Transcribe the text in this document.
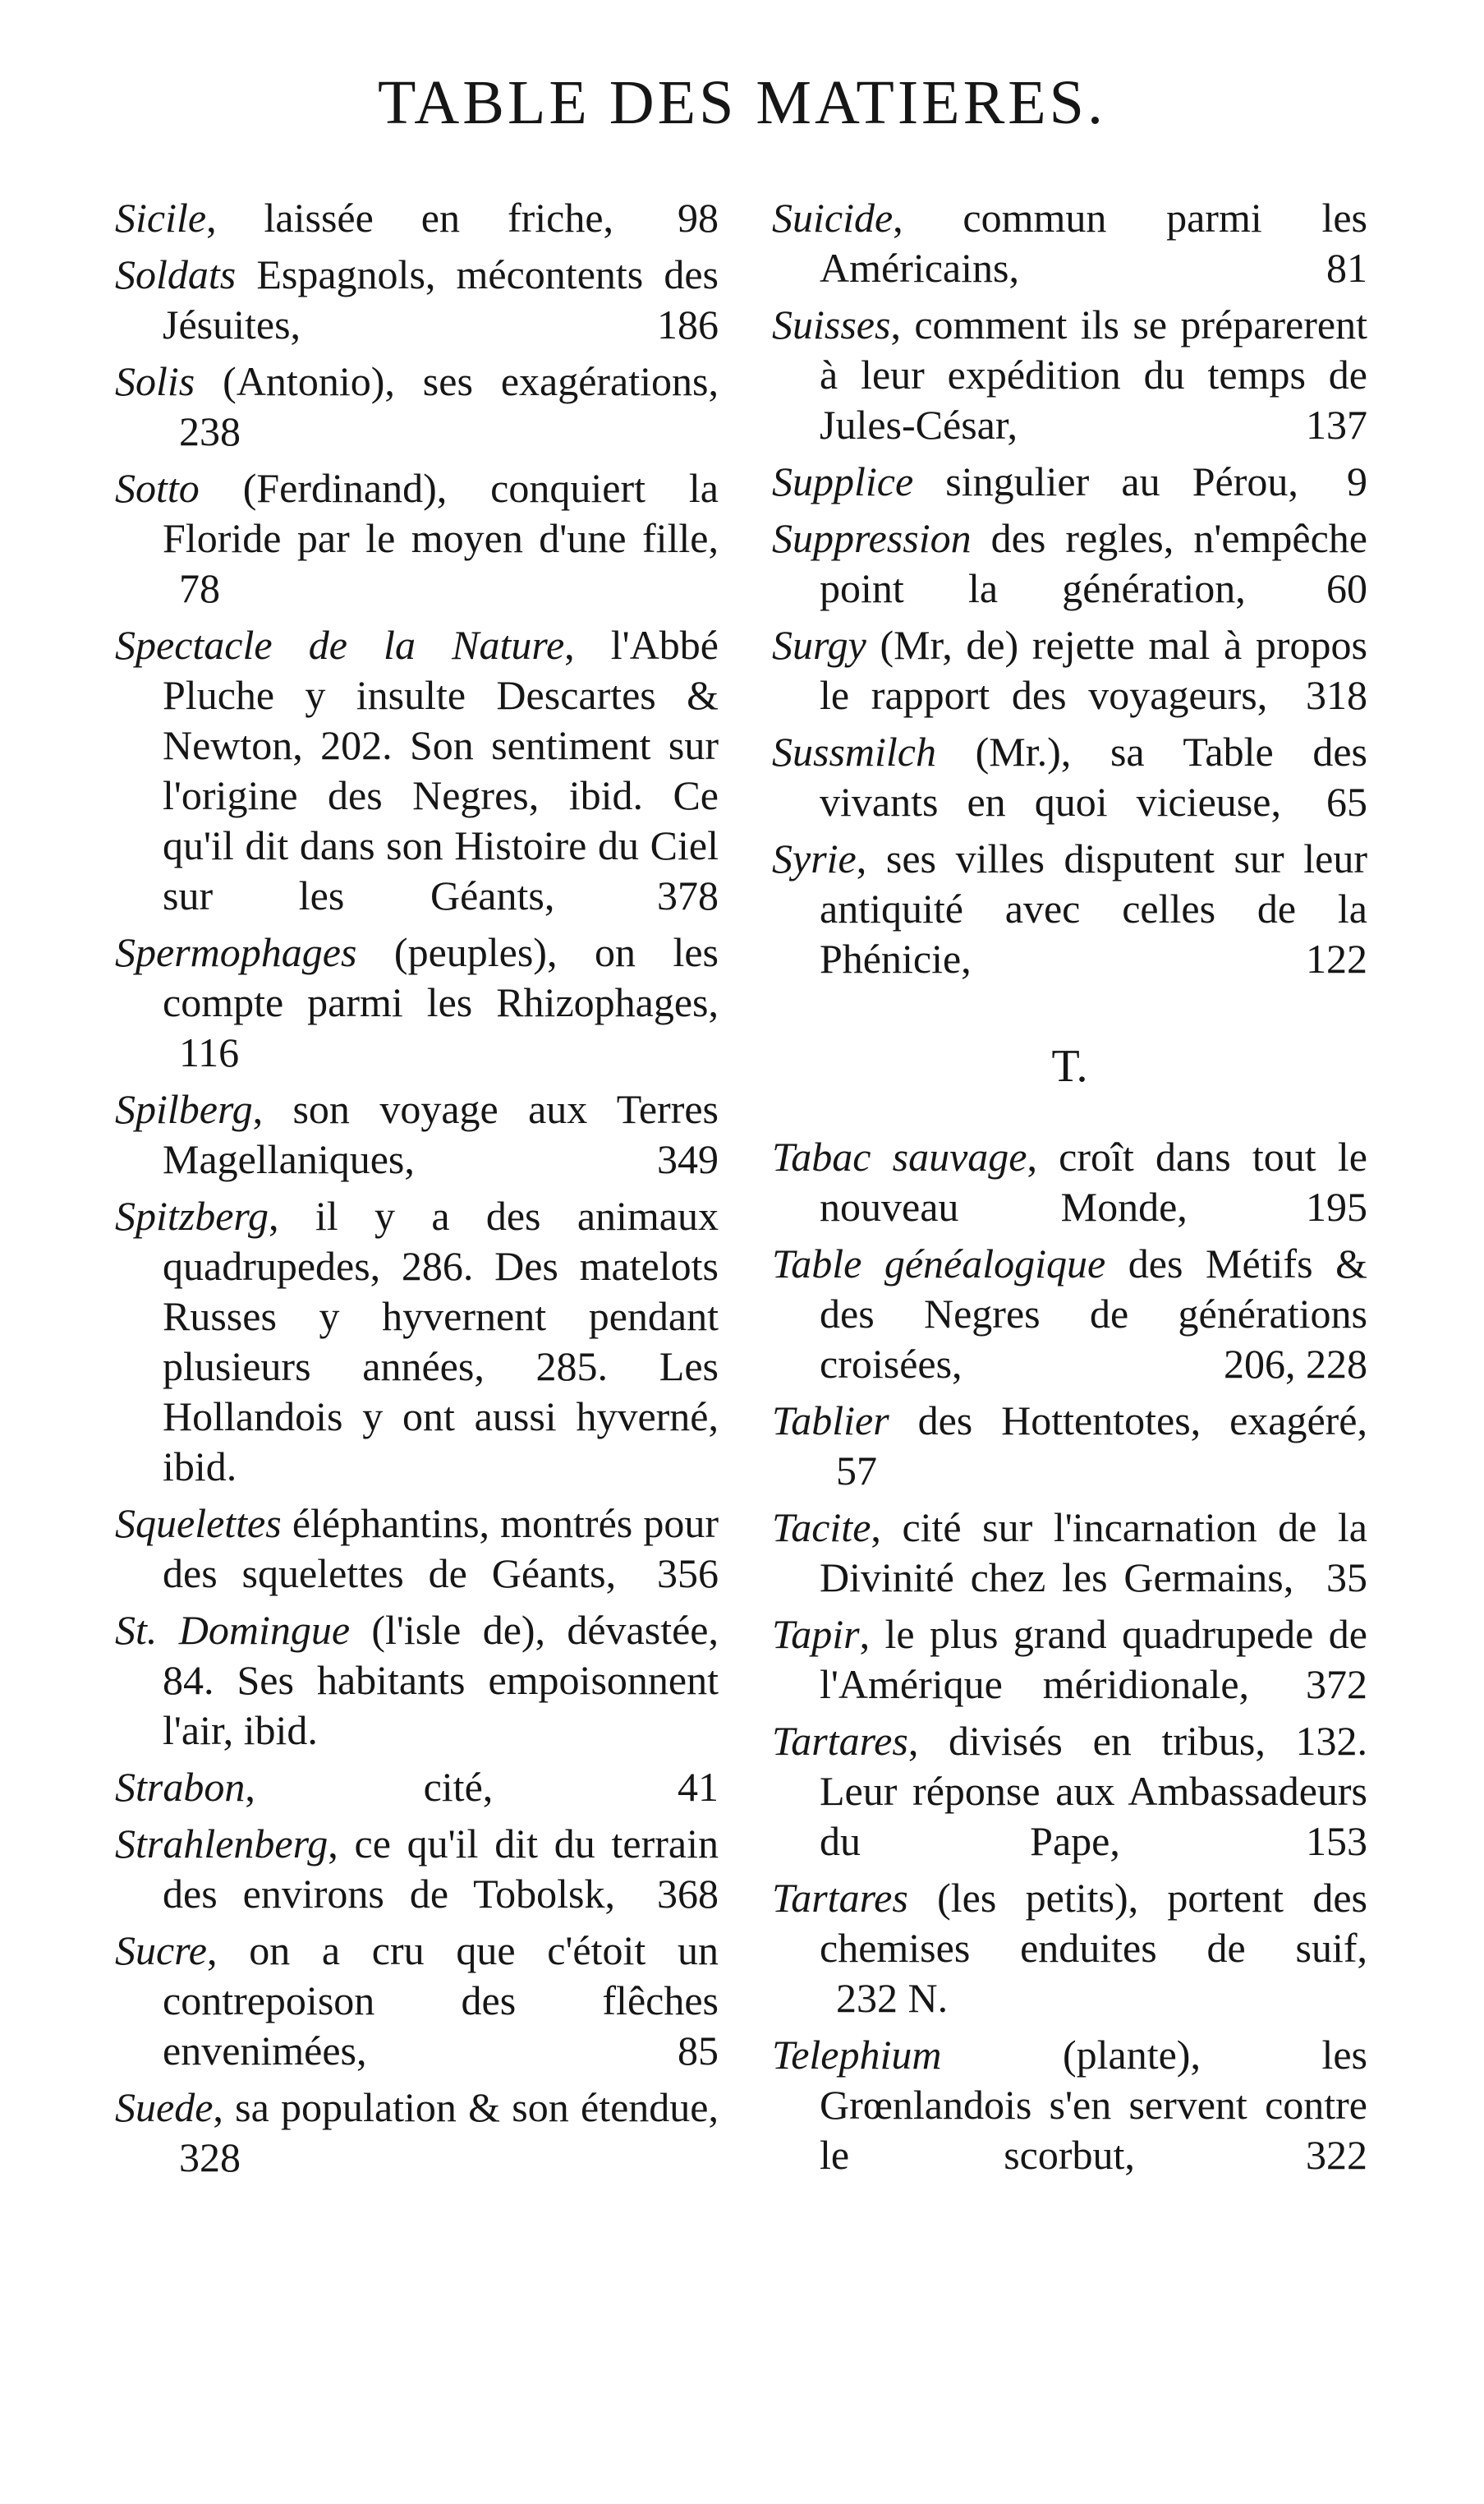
TABLE DES MATIERES.
Sicile, laissée en friche, 98
Soldats Espagnols, mécontents des Jésuites,	186
Solis (Antonio), ses exagérations, 238
Sotto (Ferdinand), conquiert la Floride par le moyen d'une fille, 78
Spectacle de la Nature, l'Abbé Pluche y insulte Descartes & Newton, 202. Son sentiment sur l'origine des Negres, ibid. Ce qu'il dit dans son Histoire du Ciel sur les Géants, 378
Spermophages (peuples), on les compte parmi les Rhizophages, 116
Spilberg, son voyage aux Terres Magellaniques,	349
Spitzberg, il y a des animaux quadrupedes, 286. Des matelots Russes y hyvernent pendant plusieurs années, 285. Les Hollandois y ont aussi hyverné, ibid.
Squelettes éléphantins, montrés pour des squelettes de Géants, 356
St. Domingue (l'isle de), dévastée, 84. Ses habitants empoisonnent l'air, ibid.
Strabon, cité,	41
Strahlenberg, ce qu'il dit du terrain des environs de Tobolsk, 368
Sucre, on a cru que c'étoit un contrepoison des flêches envenimées,	85
Suede, sa population & son étendue, 328
Suicide, commun parmi les Américains,	81
Suisses, comment ils se préparerent à leur expédition du temps de Jules-César,	137
Supplice singulier au Pérou, 9
Suppression des regles, n'empêche point la génération, 60
Surgy (Mr, de) rejette mal à propos le rapport des voyageurs, 318
Sussmilch (Mr.), sa Table des vivants en quoi vicieuse, 65
Syrie, ses villes disputent sur leur antiquité avec celles de la Phénicie,	122
T.
Tabac sauvage, croît dans tout le nouveau Monde,	195
Table généalogique des Métifs & des Negres de générations croisées,	206, 228
Tablier des Hottentotes, exagéré, 57
Tacite, cité sur l'incarnation de la Divinité chez les Germains, 35
Tapir, le plus grand quadrupede de l'Amérique méridionale, 372
Tartares, divisés en tribus, 132. Leur réponse aux Ambassadeurs du Pape,	153
Tartares (les petits), portent des chemises enduites de suif, 232 N.
Telephium (plante), les Grœnlandois s'en servent contre le scorbut,	322
